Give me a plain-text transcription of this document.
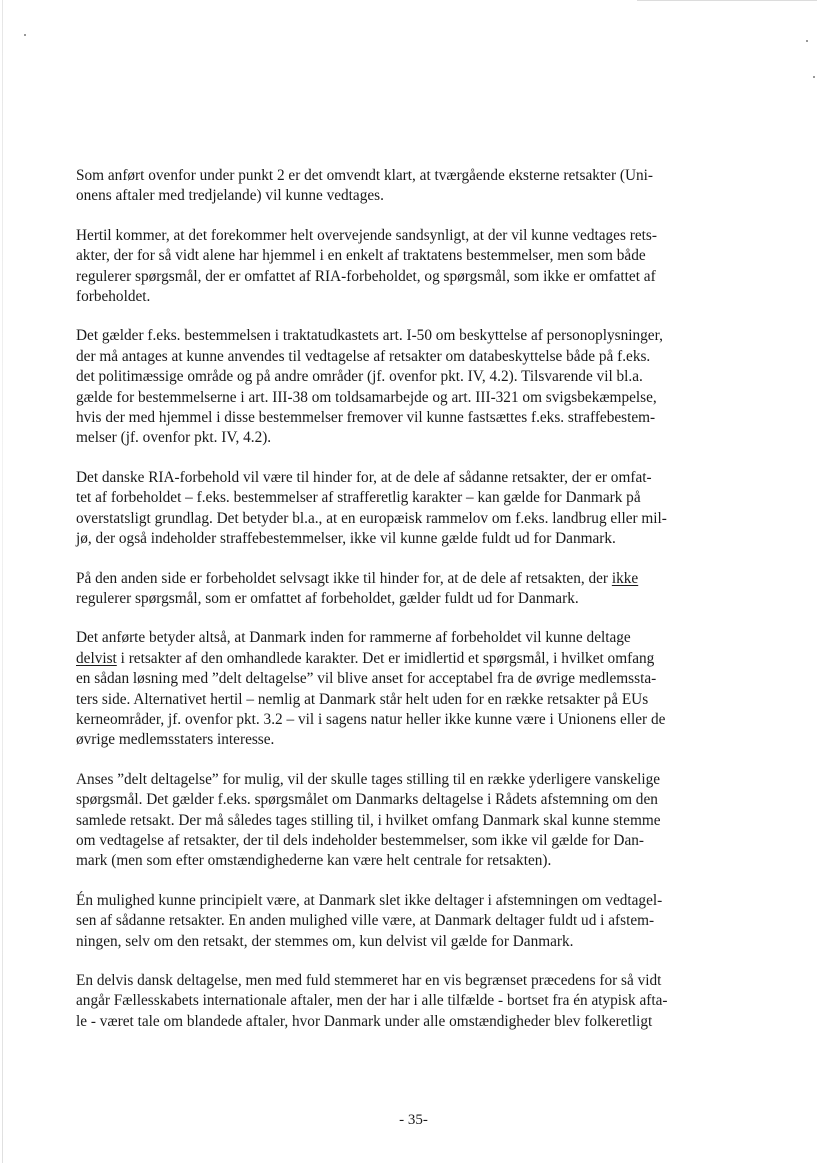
Som anført ovenfor under punkt 2 er det omvendt klart, at tværgående eksterne retsakter (Uni-
onens aftaler med tredjelande) vil kunne vedtages.

Hertil kommer, at det forekommer helt overvejende sandsynligt, at der vil kunne vedtages rets-
akter, der for så vidt alene har hjemmel i en enkelt af traktatens bestemmelser, men som både
regulerer spørgsmål, der er omfattet af RIA-forbeholdet, og spørgsmål, som ikke er omfattet af
forbeholdet.

Det gælder f.eks. bestemmelsen i traktatudkastets art. I-50 om beskyttelse af personoplysninger,
der må antages at kunne anvendes til vedtagelse af retsakter om databeskyttelse både på f.eks.
det politimæssige område og på andre områder (jf. ovenfor pkt. IV, 4.2). Tilsvarende vil bl.a.
gælde for bestemmelserne i art. III-38 om toldsamarbejde og art. III-321 om svigsbekæmpelse,
hvis der med hjemmel i disse bestemmelser fremover vil kunne fastsættes f.eks. straffebestem-
melser (jf. ovenfor pkt. IV, 4.2).

Det danske RIA-forbehold vil være til hinder for, at de dele af sådanne retsakter, der er omfat-
tet af forbeholdet – f.eks. bestemmelser af strafferetlig karakter – kan gælde for Danmark på
overstatsligt grundlag. Det betyder bl.a., at en europæisk rammelov om f.eks. landbrug eller mil-
jø, der også indeholder straffebestemmelser, ikke vil kunne gælde fuldt ud for Danmark.

På den anden side er forbeholdet selvsagt ikke til hinder for, at de dele af retsakten, der ikke
regulerer spørgsmål, som er omfattet af forbeholdet, gælder fuldt ud for Danmark.

Det anførte betyder altså, at Danmark inden for rammerne af forbeholdet vil kunne deltage
delvist i retsakter af den omhandlede karakter. Det er imidlertid et spørgsmål, i hvilket omfang
en sådan løsning med ”delt deltagelse” vil blive anset for acceptabel fra de øvrige medlemssta-
ters side. Alternativet hertil – nemlig at Danmark står helt uden for en række retsakter på EUs
kerneområder, jf. ovenfor pkt. 3.2 – vil i sagens natur heller ikke kunne være i Unionens eller de
øvrige medlemsstaters interesse.

Anses ”delt deltagelse” for mulig, vil der skulle tages stilling til en række yderligere vanskelige
spørgsmål. Det gælder f.eks. spørgsmålet om Danmarks deltagelse i Rådets afstemning om den
samlede retsakt. Der må således tages stilling til, i hvilket omfang Danmark skal kunne stemme
om vedtagelse af retsakter, der til dels indeholder bestemmelser, som ikke vil gælde for Dan-
mark (men som efter omstændighederne kan være helt centrale for retsakten).

Én mulighed kunne principielt være, at Danmark slet ikke deltager i afstemningen om vedtagel-
sen af sådanne retsakter. En anden mulighed ville være, at Danmark deltager fuldt ud i afstem-
ningen, selv om den retsakt, der stemmes om, kun delvist vil gælde for Danmark.

En delvis dansk deltagelse, men med fuld stemmeret har en vis begrænset præcedens for så vidt
angår Fællesskabets internationale aftaler, men der har i alle tilfælde - bortset fra én atypisk afta-
le - været tale om blandede aftaler, hvor Danmark under alle omstændigheder blev folkeretligt

- 35-
